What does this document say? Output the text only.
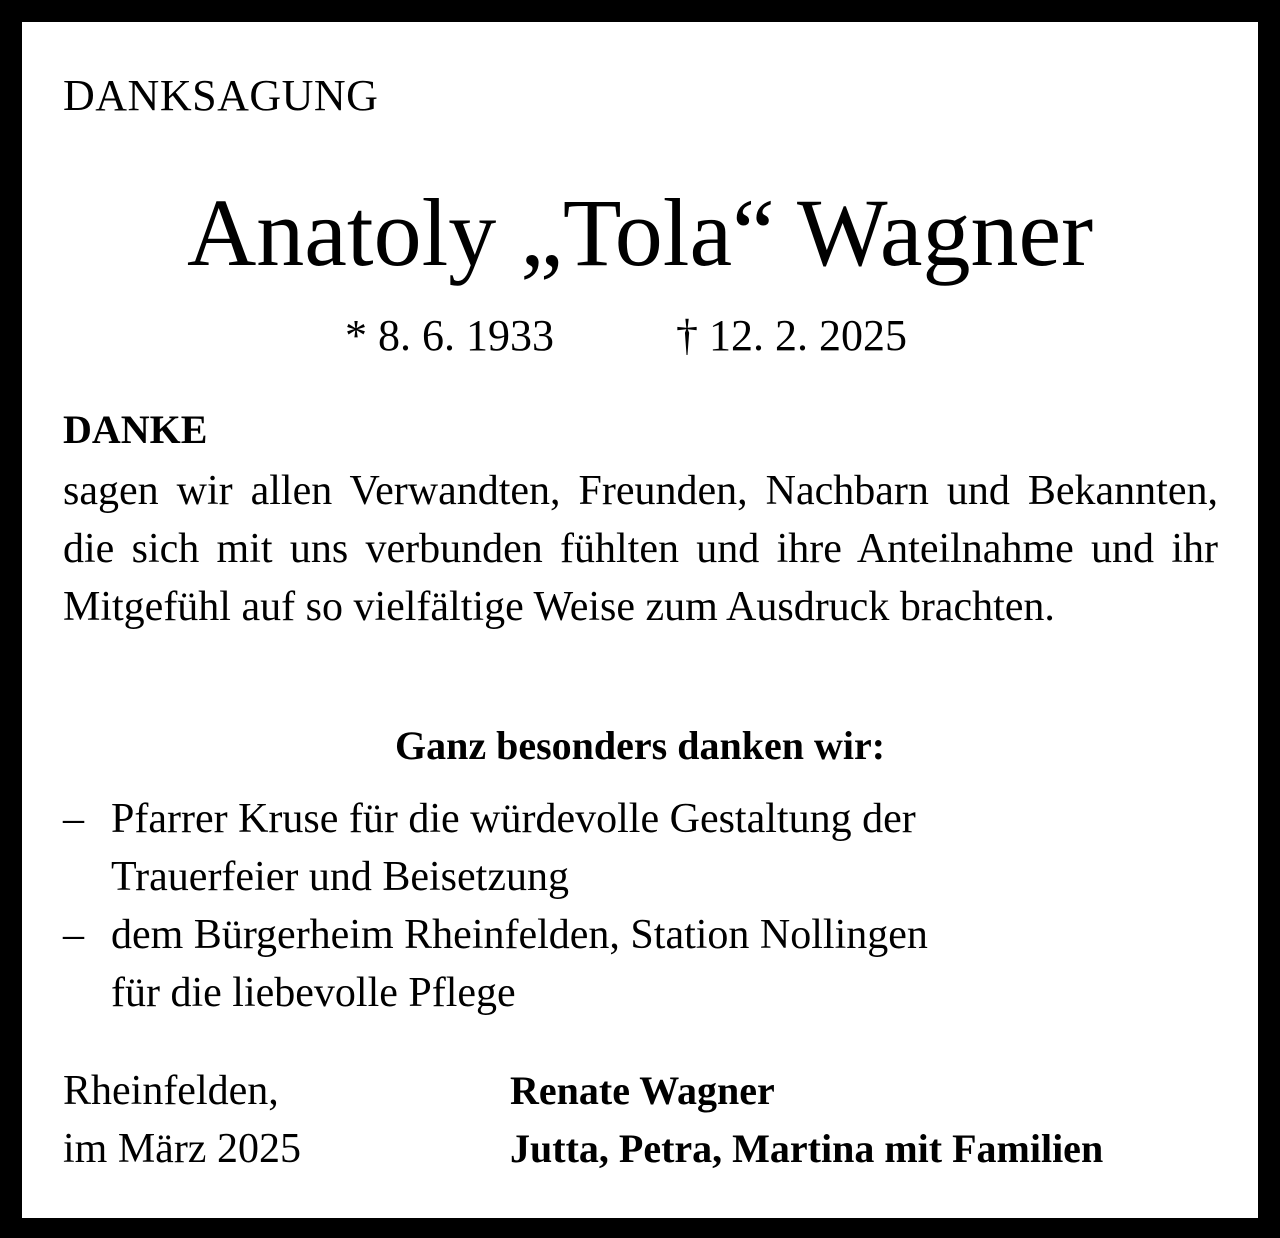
DANKSAGUNG
Anatoly „Tola“ Wagner
* 8. 6. 1933	† 12. 2. 2025
DANKE
sagen wir allen Verwandten, Freunden, Nachbarn und Bekannten, die sich mit uns verbunden fühlten und ihre Anteilnahme und ihr Mitgefühl auf so vielfältige Weise zum Ausdruck brachten.
Ganz besonders danken wir:
– Pfarrer Kruse für die würdevolle Gestaltung der
Trauerfeier und Beisetzung
– dem Bürgerheim Rheinfelden, Station Nollingen
für die liebevolle Pflege
Rheinfelden,
im März 2025
Renate Wagner
Jutta, Petra, Martina mit Familien
